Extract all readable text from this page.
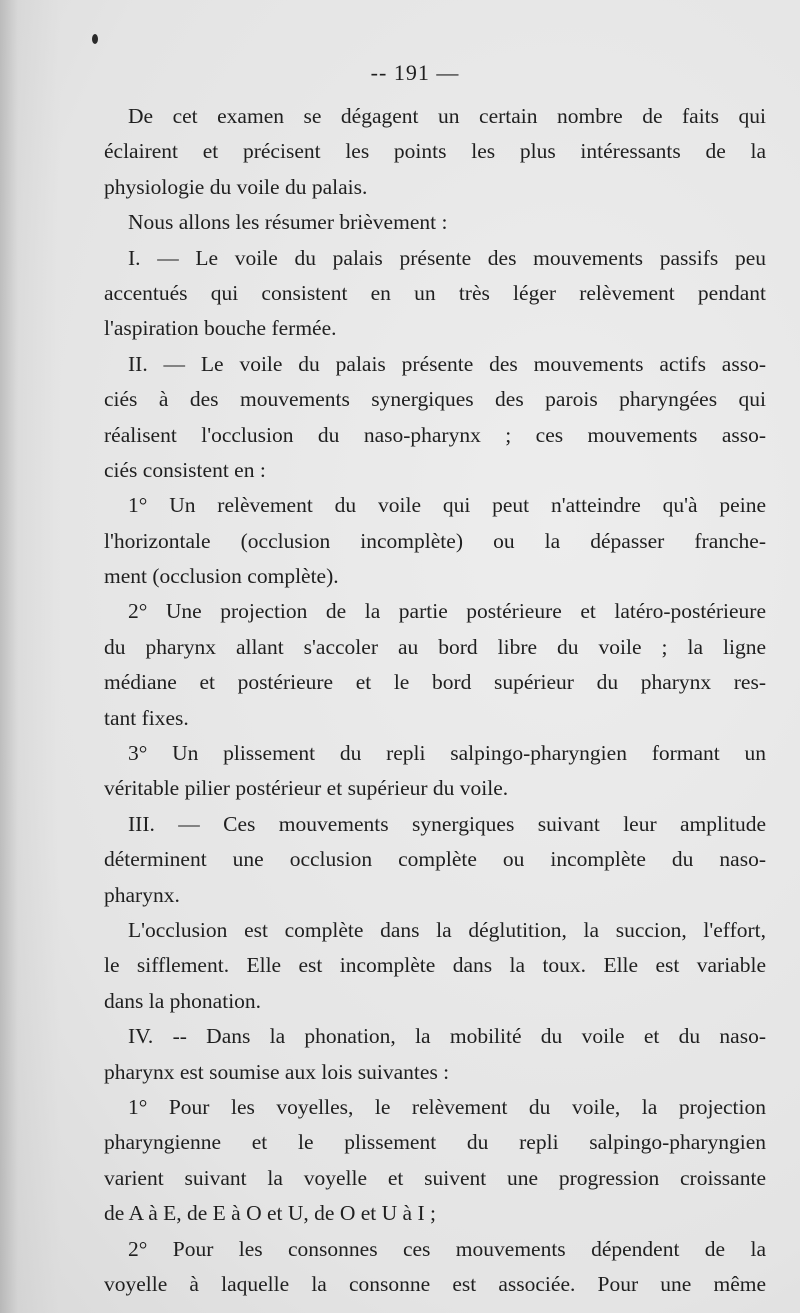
-- 191 —
De cet examen se dégagent un certain nombre de faits qui
éclairent et précisent les points les plus intéressants de la
physiologie du voile du palais.
Nous allons les résumer brièvement :
I. — Le voile du palais présente des mouvements passifs peu
accentués qui consistent en un très léger relèvement pendant
l'aspiration bouche fermée.
II. — Le voile du palais présente des mouvements actifs asso-
ciés à des mouvements synergiques des parois pharyngées qui
réalisent l'occlusion du naso-pharynx ; ces mouvements asso-
ciés consistent en :
1° Un relèvement du voile qui peut n'atteindre qu'à peine
l'horizontale (occlusion incomplète) ou la dépasser franche-
ment (occlusion complète).
2° Une projection de la partie postérieure et latéro-postérieure
du pharynx allant s'accoler au bord libre du voile ; la ligne
médiane et postérieure et le bord supérieur du pharynx res-
tant fixes.
3° Un plissement du repli salpingo-pharyngien formant un
véritable pilier postérieur et supérieur du voile.
III. — Ces mouvements synergiques suivant leur amplitude
déterminent une occlusion complète ou incomplète du naso-
pharynx.
L'occlusion est complète dans la déglutition, la succion, l'effort,
le sifflement. Elle est incomplète dans la toux. Elle est variable
dans la phonation.
IV. -- Dans la phonation, la mobilité du voile et du naso-
pharynx est soumise aux lois suivantes :
1° Pour les voyelles, le relèvement du voile, la projection
pharyngienne et le plissement du repli salpingo-pharyngien
varient suivant la voyelle et suivent une progression croissante
de A à E, de E à O et U, de O et U à I ;
2° Pour les consonnes ces mouvements dépendent de la
voyelle à laquelle la consonne est associée. Pour une même
